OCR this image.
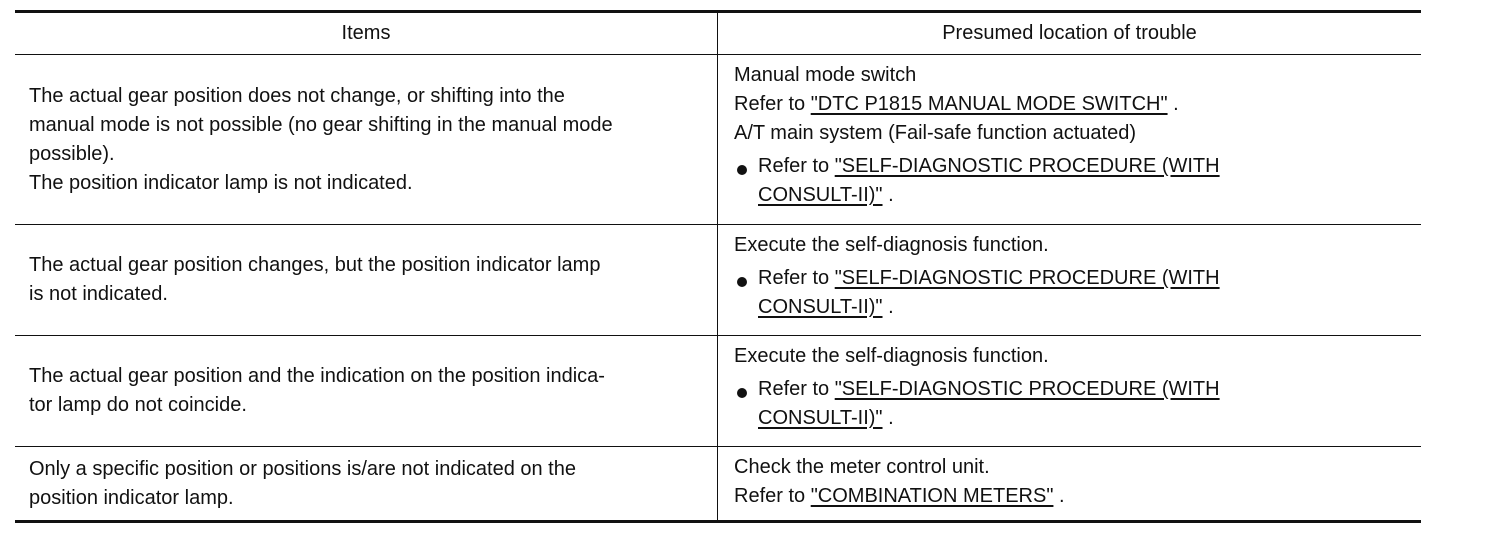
Items	Presumed location of trouble
The actual gear position does not change, or shifting into the
manual mode is not possible (no gear shifting in the manual mode
possible).
The position indicator lamp is not indicated.
Manual mode switch
Refer to "DTC P1815 MANUAL MODE SWITCH" .
A/T main system (Fail-safe function actuated)
Refer to "SELF-DIAGNOSTIC PROCEDURE (WITH
CONSULT-II)" .
The actual gear position changes, but the position indicator lamp
is not indicated.
Execute the self-diagnosis function.
Refer to "SELF-DIAGNOSTIC PROCEDURE (WITH
CONSULT-II)" .
The actual gear position and the indication on the position indica-
tor lamp do not coincide.
Execute the self-diagnosis function.
Refer to "SELF-DIAGNOSTIC PROCEDURE (WITH
CONSULT-II)" .
Only a specific position or positions is/are not indicated on the
position indicator lamp.
Check the meter control unit.
Refer to "COMBINATION METERS" .
